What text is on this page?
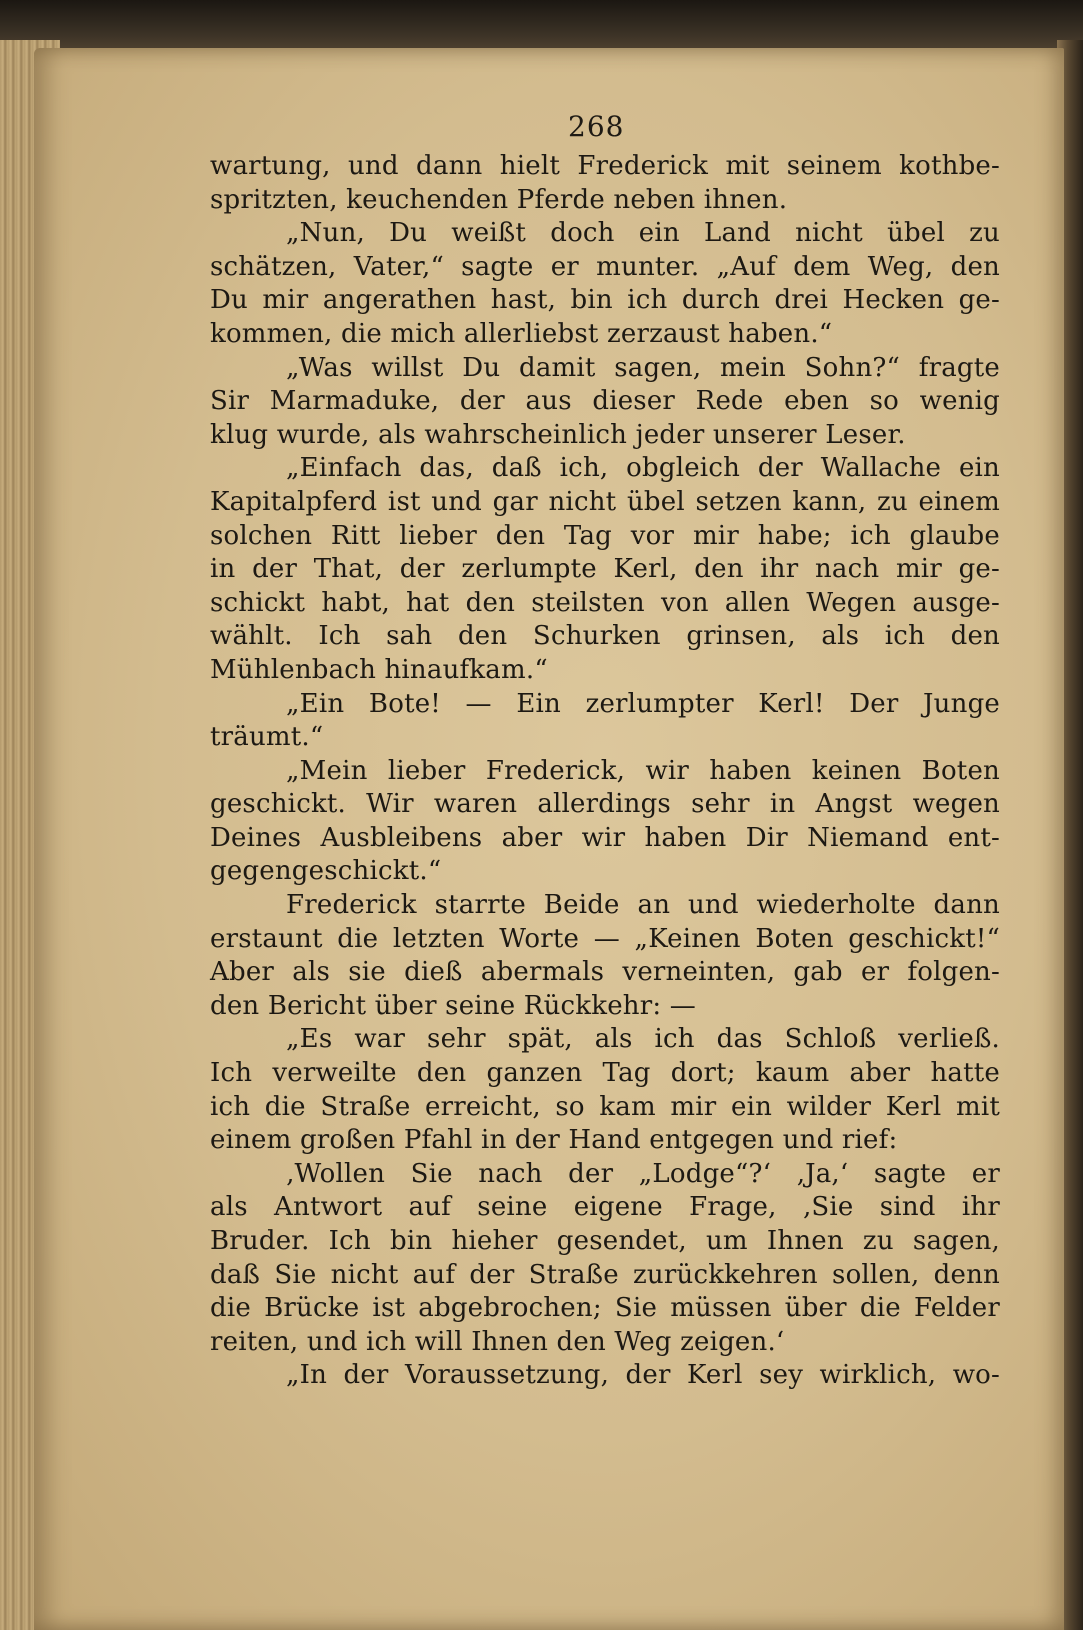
268
wartung, und dann hielt Frederick mit seinem kothbe-
spritzten, keuchenden Pferde neben ihnen.
„Nun, Du weißt doch ein Land nicht übel zu
schätzen, Vater,“ sagte er munter. „Auf dem Weg, den
Du mir angerathen hast, bin ich durch drei Hecken ge-
kommen, die mich allerliebst zerzaust haben.“
„Was willst Du damit sagen, mein Sohn?“ fragte
Sir Marmaduke, der aus dieser Rede eben so wenig
klug wurde, als wahrscheinlich jeder unserer Leser.
„Einfach das, daß ich, obgleich der Wallache ein
Kapitalpferd ist und gar nicht übel setzen kann, zu einem
solchen Ritt lieber den Tag vor mir habe; ich glaube
in der That, der zerlumpte Kerl, den ihr nach mir ge-
schickt habt, hat den steilsten von allen Wegen ausge-
wählt. Ich sah den Schurken grinsen, als ich den
Mühlenbach hinaufkam.“
„Ein Bote! — Ein zerlumpter Kerl! Der Junge
träumt.“
„Mein lieber Frederick, wir haben keinen Boten
geschickt. Wir waren allerdings sehr in Angst wegen
Deines Ausbleibens aber wir haben Dir Niemand ent-
gegengeschickt.“
Frederick starrte Beide an und wiederholte dann
erstaunt die letzten Worte — „Keinen Boten geschickt!“
Aber als sie dieß abermals verneinten, gab er folgen-
den Bericht über seine Rückkehr: —
„Es war sehr spät, als ich das Schloß verließ.
Ich verweilte den ganzen Tag dort; kaum aber hatte
ich die Straße erreicht, so kam mir ein wilder Kerl mit
einem großen Pfahl in der Hand entgegen und rief:
‚Wollen Sie nach der „Lodge“?‘ ‚Ja,‘ sagte er
als Antwort auf seine eigene Frage, ‚Sie sind ihr
Bruder. Ich bin hieher gesendet, um Ihnen zu sagen,
daß Sie nicht auf der Straße zurückkehren sollen, denn
die Brücke ist abgebrochen; Sie müssen über die Felder
reiten, und ich will Ihnen den Weg zeigen.‘
„In der Voraussetzung, der Kerl sey wirklich, wo-
